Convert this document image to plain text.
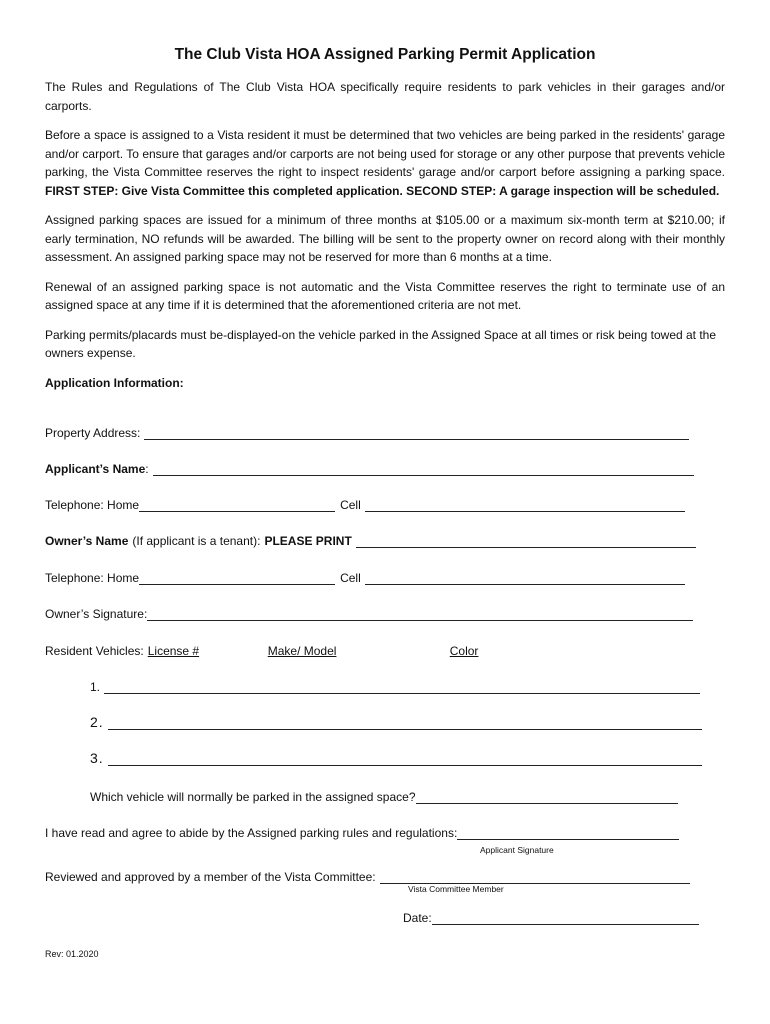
The Club Vista HOA Assigned Parking Permit Application

The Rules and Regulations of The Club Vista HOA specifically require residents to park vehicles in their garages and/or carports.

Before a space is assigned to a Vista resident it must be determined that two vehicles are being parked in the residents' garage and/or carport. To ensure that garages and/or carports are not being used for storage or any other purpose that prevents vehicle parking, the Vista Committee reserves the right to inspect residents' garage and/or carport before assigning a parking space. FIRST STEP: Give Vista Committee this completed application. SECOND STEP: A garage inspection will be scheduled.

Assigned parking spaces are issued for a minimum of three months at $105.00 or a maximum six-month term at $210.00; if early termination, NO refunds will be awarded. The billing will be sent to the property owner on record along with their monthly assessment. An assigned parking space may not be reserved for more than 6 months at a time.

Renewal of an assigned parking space is not automatic and the Vista Committee reserves the right to terminate use of an assigned space at any time if it is determined that the aforementioned criteria are not met.

Parking permits/placards must be-displayed-on the vehicle parked in the Assigned Space at all times or risk being towed at the owners expense.

Application Information:
Property Address:
Applicant’s Name :
Telephone: Home	Cell
Owner’s Name (If applicant is a tenant): PLEASE PRINT
Telephone: Home	Cell
Owner’s Signature:
Resident Vehicles: License #	Make/ Model	Color
1.
2.
3.
Which vehicle will normally be parked in the assigned space?
I have read and agree to abide by the Assigned parking rules and regulations:
Applicant Signature
Reviewed and approved by a member of the Vista Committee:
Vista Committee Member
Date:
Rev: 01.2020
